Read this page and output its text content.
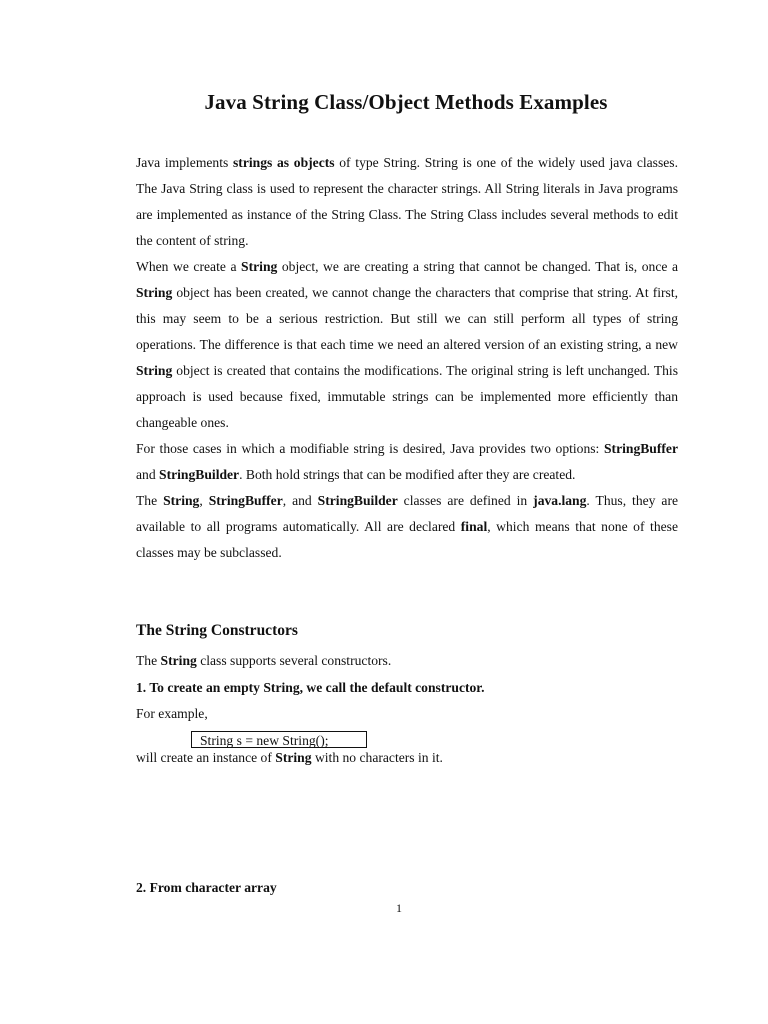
Java String Class/Object Methods Examples

Java implements strings as objects of type String. String is one of the widely used java classes. The Java String class is used to represent the character strings. All String literals in Java programs are implemented as instance of the String Class. The String Class includes several methods to edit the content of string.

When we create a String object, we are creating a string that cannot be changed. That is, once a String object has been created, we cannot change the characters that comprise that string. At first, this may seem to be a serious restriction. But still we can still perform all types of string operations. The difference is that each time we need an altered version of an existing string, a new String object is created that contains the modifications. The original string is left unchanged. This approach is used because fixed, immutable strings can be implemented more efficiently than changeable ones.

For those cases in which a modifiable string is desired, Java provides two options: StringBuffer and StringBuilder. Both hold strings that can be modified after they are created.

The String, StringBuffer, and StringBuilder classes are defined in java.lang. Thus, they are available to all programs automatically. All are declared final, which means that none of these classes may be subclassed.

The String Constructors
The String class supports several constructors.
1. To create an empty String, we call the default constructor.
For example,
String s = new String();
will create an instance of String with no characters in it.
2. From character array
1
